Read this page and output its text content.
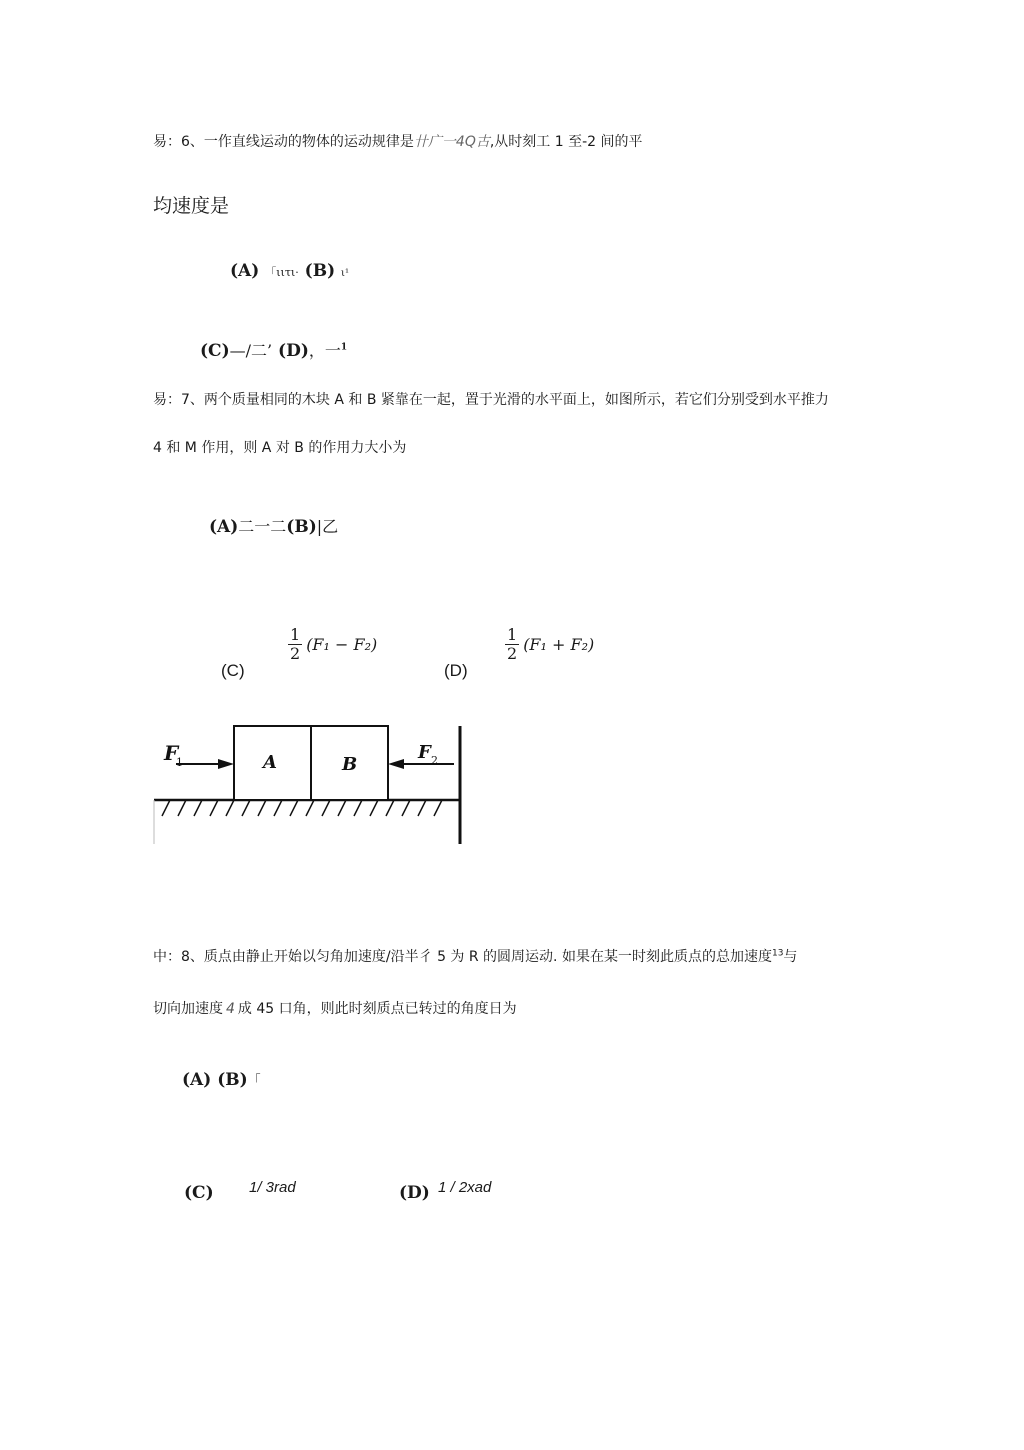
易：6、一作直线运动的物体的运动规律是卄广一4Q古,从时刻工 1 至-2 间的平
均速度是
(A) 「ιιτι· (B) ι¹
(C)—/二’ (D)，一$^1$
易：7、两个质量相同的木块 A 和 B 紧靠在一起，置于光滑的水平面上，如图所示，若它们分别受到水平推力
4 和 M 作用，则 A 对 B 的作用力大小为
(A)二一二(B)|乙
(C)
$\frac{1}{2} (F_1 - F_2)$
(D)
$\frac{1}{2} (F_1 + F_2)$
F
1	F 2
A	B
中：8、质点由静止开始以匀角加速度/沿半彳 5 为 R 的圆周运动. 如果在某一时刻此质点的总加速度$^{13}$与
切向加速度 4 成 45 口角，则此时刻质点已转过的角度日为
(A) (B)「
(C) 1/ 3rad	(D) 1 / 2xad
